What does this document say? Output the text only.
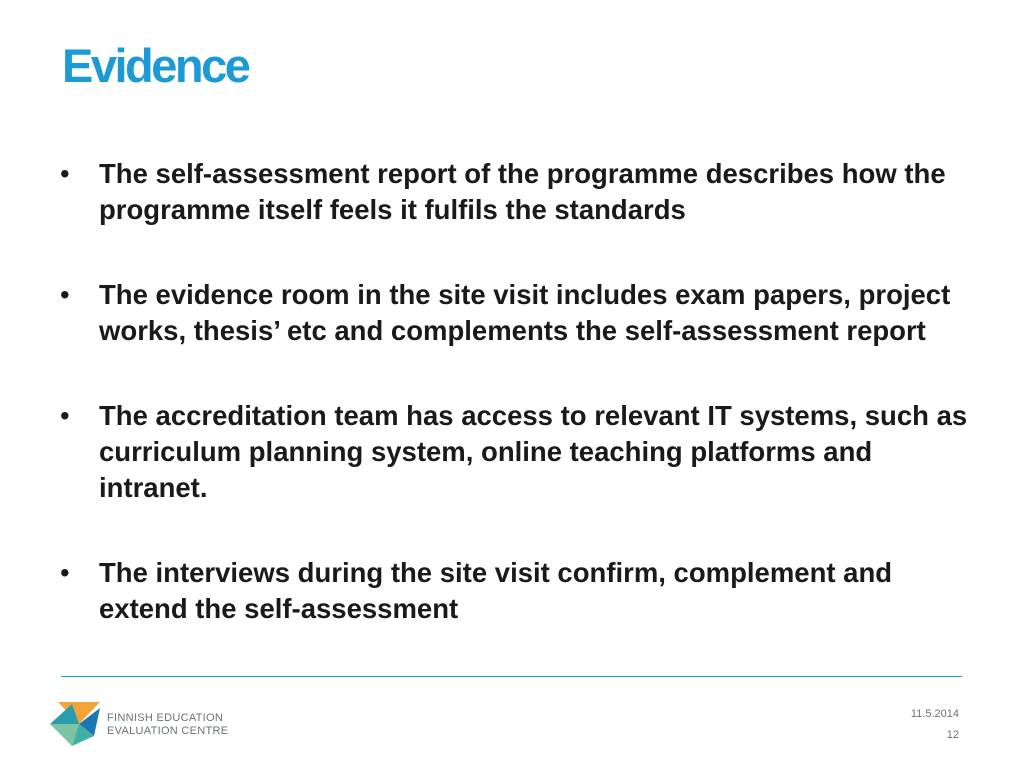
Evidence
• The self-assessment report of the programme describes how the programme itself feels it fulfils the standards
• The evidence room in the site visit includes exam papers, project works, thesis’ etc and complements the self-assessment report
• The accreditation team has access to relevant IT systems, such as curriculum planning system, online teaching platforms and intranet.
• The interviews during the site visit confirm, complement and extend the self-assessment
FINNISH EDUCATION
EVALUATION CENTRE
11.5.2014
12
